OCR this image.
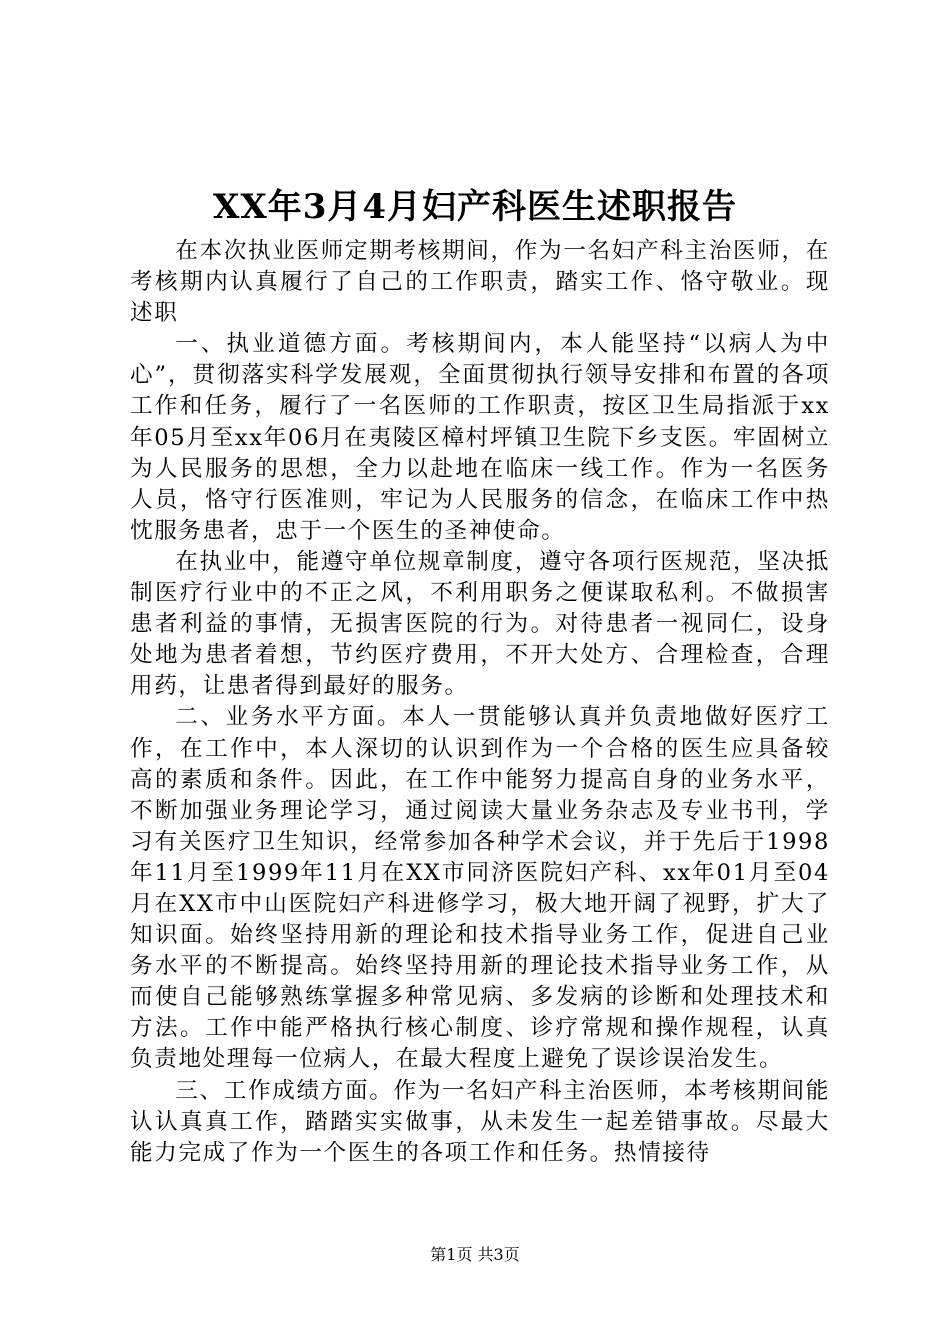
XX年3月4月妇产科医生述职报告

在本次执业医师定期考核期间，作为一名妇产科主治医师，在考核期内认真履行了自己的工作职责，踏实工作、恪守敬业。现述职

一、执业道德方面。考核期间内，本人能坚持“以病人为中心”，贯彻落实科学发展观，全面贯彻执行领导安排和布置的各项工作和任务，履行了一名医师的工作职责，按区卫生局指派于xx年05月至xx年06月在夷陵区樟村坪镇卫生院下乡支医。牢固树立为人民服务的思想，全力以赴地在临床一线工作。作为一名医务人员，恪守行医准则，牢记为人民服务的信念，在临床工作中热忱服务患者，忠于一个医生的圣神使命。

在执业中，能遵守单位规章制度，遵守各项行医规范，坚决抵制医疗行业中的不正之风，不利用职务之便谋取私利。不做损害患者利益的事情，无损害医院的行为。对待患者一视同仁，设身处地为患者着想，节约医疗费用，不开大处方、合理检查，合理用药，让患者得到最好的服务。

二、业务水平方面。本人一贯能够认真并负责地做好医疗工作，在工作中，本人深切的认识到作为一个合格的医生应具备较高的素质和条件。因此，在工作中能努力提高自身的业务水平，不断加强业务理论学习，通过阅读大量业务杂志及专业书刊，学习有关医疗卫生知识，经常参加各种学术会议，并于先后于1998年11月至1999年11月在XX市同济医院妇产科、xx年01月至04月在XX市中山医院妇产科进修学习，极大地开阔了视野，扩大了知识面。始终坚持用新的理论和技术指导业务工作，促进自己业务水平的不断提高。始终坚持用新的理论技术指导业务工作，从而使自己能够熟练掌握多种常见病、多发病的诊断和处理技术和方法。工作中能严格执行核心制度、诊疗常规和操作规程，认真负责地处理每一位病人，在最大程度上避免了误诊误治发生。

三、工作成绩方面。作为一名妇产科主治医师，本考核期间能认认真真工作，踏踏实实做事，从未发生一起差错事故。尽最大能力完成了作为一个医生的各项工作和任务。热情接待

第1页 共3页
